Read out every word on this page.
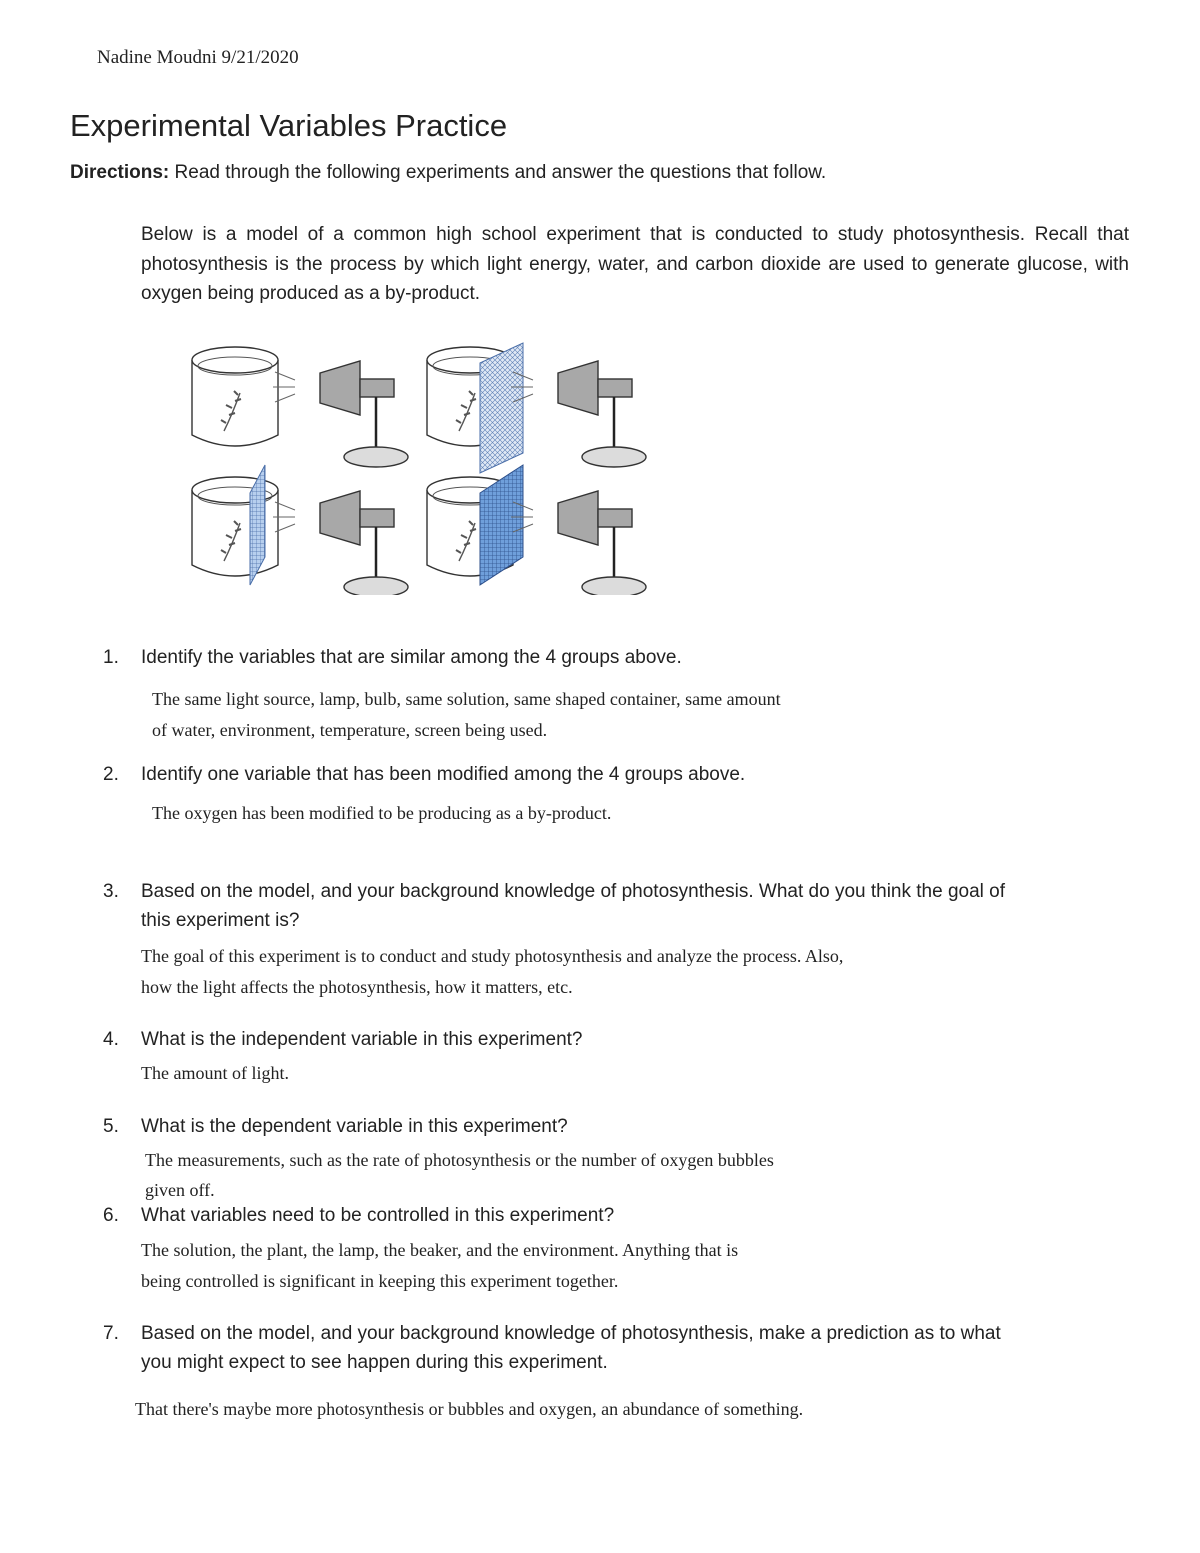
Nadine Moudni 9/21/2020
Experimental Variables Practice
Directions: Read through the following experiments and answer the questions that follow.
Below is a model of a common high school experiment that is conducted to study photosynthesis. Recall that photosynthesis is the process by which light energy, water, and carbon dioxide are used to generate glucose, with oxygen being produced as a by-product.
1.	Identify the variables that are similar among the 4 groups above.
The same light source, lamp, bulb, same solution, same shaped container, same amount
of water, environment, temperature, screen being used.
2.	Identify one variable that has been modified among the 4 groups above.
The oxygen has been modified to be producing as a by-product.
3.	Based on the model, and your background knowledge of photosynthesis. What do you think the goal of
this experiment is?
The goal of this experiment is to conduct and study photosynthesis and analyze the process. Also,
how the light affects the photosynthesis, how it matters, etc.
4.	What is the independent variable in this experiment?
The amount of light.
5.	What is the dependent variable in this experiment?
The measurements, such as the rate of photosynthesis or the number of oxygen bubbles
given off.
6.	What variables need to be controlled in this experiment?
The solution, the plant, the lamp, the beaker, and the environment. Anything that is
being controlled is significant in keeping this experiment together.
7.	Based on the model, and your background knowledge of photosynthesis, make a prediction as to what
you might expect to see happen during this experiment.
That there's maybe more photosynthesis or bubbles and oxygen, an abundance of something.
